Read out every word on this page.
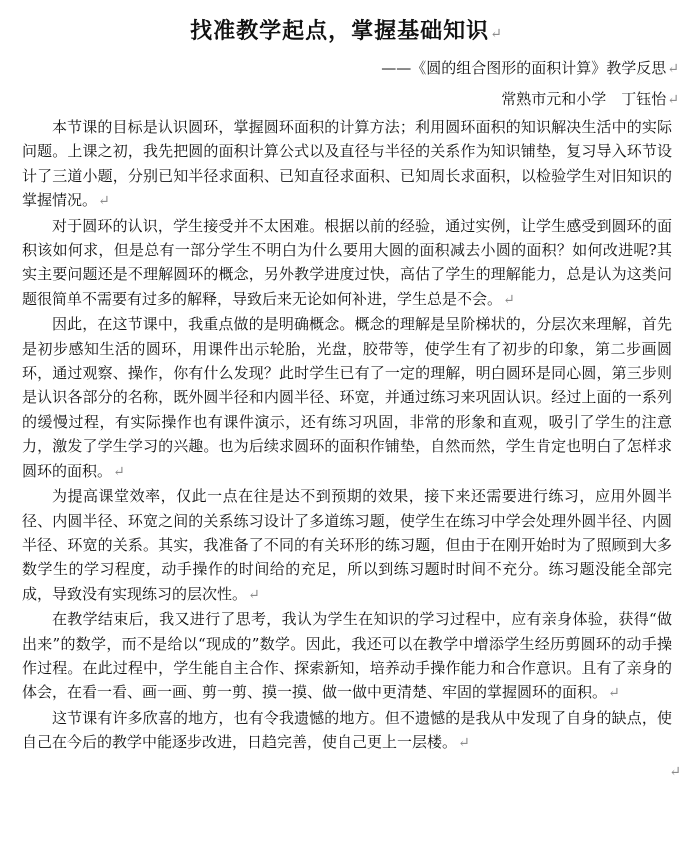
找准教学起点，掌握基础知识↵
——《圆的组合图形的面积计算》教学反思↵
常熟市元和小学　丁钰怡↵

本节课的目标是认识圆环，掌握圆环面积的计算方法；利用圆环面积的知识解决生活中的实际问题。上课之初，我先把圆的面积计算公式以及直径与半径的关系作为知识铺垫，复习导入环节设计了三道小题，分别已知半径求面积、已知直径求面积、已知周长求面积，以检验学生对旧知识的掌握情况。↵

对于圆环的认识，学生接受并不太困难。根据以前的经验，通过实例，让学生感受到圆环的面积该如何求，但是总有一部分学生不明白为什么要用大圆的面积减去小圆的面积？如何改进呢?其实主要问题还是不理解圆环的概念，另外教学进度过快，高估了学生的理解能力，总是认为这类问题很简单不需要有过多的解释，导致后来无论如何补进，学生总是不会。↵

因此，在这节课中，我重点做的是明确概念。概念的理解是呈阶梯状的，分层次来理解，首先是初步感知生活的圆环，用课件出示轮胎，光盘，胶带等，使学生有了初步的印象，第二步画圆环，通过观察、操作，你有什么发现？此时学生已有了一定的理解，明白圆环是同心圆，第三步则是认识各部分的名称，既外圆半径和内圆半径、环宽，并通过练习来巩固认识。经过上面的一系列的缓慢过程，有实际操作也有课件演示，还有练习巩固，非常的形象和直观，吸引了学生的注意力，激发了学生学习的兴趣。也为后续求圆环的面积作铺垫，自然而然，学生肯定也明白了怎样求圆环的面积。↵

为提高课堂效率，仅此一点在往是达不到预期的效果，接下来还需要进行练习，应用外圆半径、内圆半径、环宽之间的关系练习设计了多道练习题，使学生在练习中学会处理外圆半径、内圆半径、环宽的关系。其实，我准备了不同的有关环形的练习题，但由于在刚开始时为了照顾到大多数学生的学习程度，动手操作的时间给的充足，所以到练习题时时间不充分。练习题没能全部完成，导致没有实现练习的层次性。↵

在教学结束后，我又进行了思考，我认为学生在知识的学习过程中，应有亲身体验，获得“做出来”的数学，而不是给以“现成的”数学。因此，我还可以在教学中增添学生经历剪圆环的动手操作过程。在此过程中，学生能自主合作、探索新知，培养动手操作能力和合作意识。且有了亲身的体会，在看一看、画一画、剪一剪、摸一摸、做一做中更清楚、牢固的掌握圆环的面积。↵

这节课有许多欣喜的地方，也有令我遗憾的地方。但不遗憾的是我从中发现了自身的缺点，使自己在今后的教学中能逐步改进，日趋完善，使自己更上一层楼。↵

↵
